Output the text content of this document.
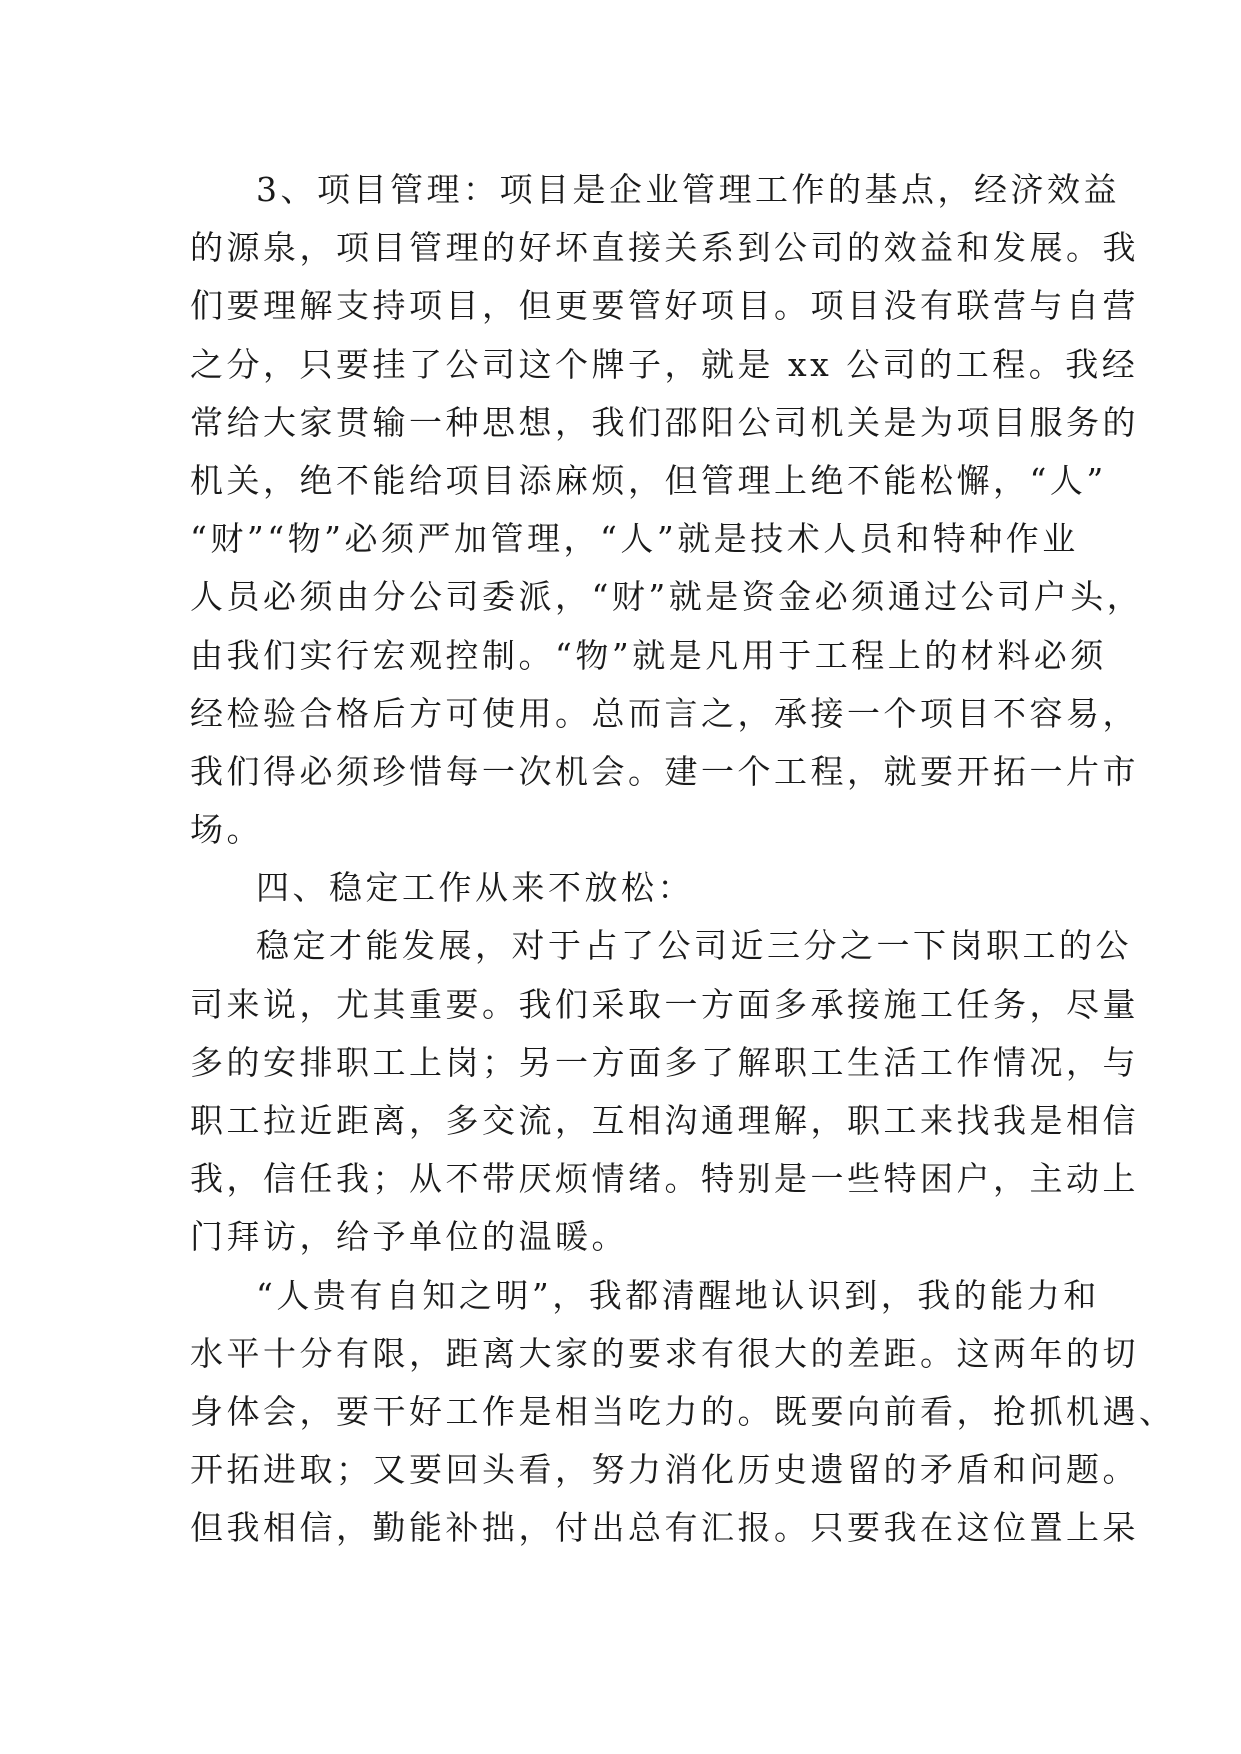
3、项目管理：项目是企业管理工作的基点，经济效益
的源泉，项目管理的好坏直接关系到公司的效益和发展。我
们要理解支持项目，但更要管好项目。项目没有联营与自营
之分，只要挂了公司这个牌子，就是 xx 公司的工程。我经
常给大家贯输一种思想，我们邵阳公司机关是为项目服务的
机关，绝不能给项目添麻烦，但管理上绝不能松懈，“人”
“财”“物”必须严加管理，“人”就是技术人员和特种作业
人员必须由分公司委派，“财”就是资金必须通过公司户头，
由我们实行宏观控制。“物”就是凡用于工程上的材料必须
经检验合格后方可使用。总而言之，承接一个项目不容易，
我们得必须珍惜每一次机会。建一个工程，就要开拓一片市
场。
四、稳定工作从来不放松：
稳定才能发展，对于占了公司近三分之一下岗职工的公
司来说，尤其重要。我们采取一方面多承接施工任务，尽量
多的安排职工上岗；另一方面多了解职工生活工作情况，与
职工拉近距离，多交流，互相沟通理解，职工来找我是相信
我，信任我；从不带厌烦情绪。特别是一些特困户，主动上
门拜访，给予单位的温暖。
“人贵有自知之明”，我都清醒地认识到，我的能力和
水平十分有限，距离大家的要求有很大的差距。这两年的切
身体会，要干好工作是相当吃力的。既要向前看，抢抓机遇、
开拓进取；又要回头看，努力消化历史遗留的矛盾和问题。
但我相信，勤能补拙，付出总有汇报。只要我在这位置上呆
